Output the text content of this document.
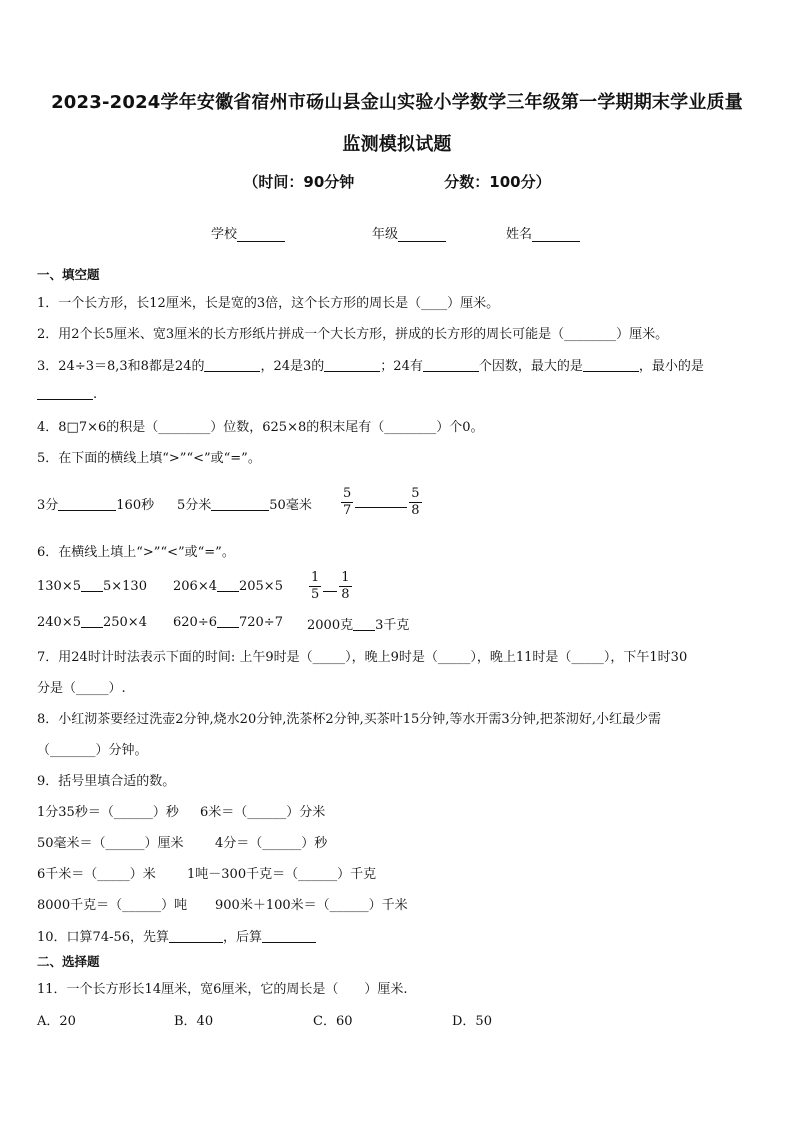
2023-2024学年安徽省宿州市砀山县金山实验小学数学三年级第一学期期末学业质量
监测模拟试题
（时间：90分钟	分数：100分）
学校	年级	姓名
一、填空题
1．一个长方形，长12厘米，长是宽的3倍，这个长方形的周长是（____）厘米。
2．用2个长5厘米、宽3厘米的长方形纸片拼成一个大长方形，拼成的长方形的周长可能是（________）厘米。
3．24÷3＝8,3和8都是24的	，24是3的	；24有	个因数，最大的是	，最小的是
.
4．8□7×6的积是（________）位数，625×8的积末尾有（________）个0。
5．在下面的横线上填“>”“<”或“=”。
3分	160秒 5分米	50毫米 $\frac{5}{7}$	$\frac{5}{8}$
6．在横线上填上“>”“<”或“=”。
130×5 5×130 206×4 $205\times 5 \frac{1}{5} \frac{1}{8}$
240×5 250×4 620÷6 720÷7 2000克 3千克
7．用24时计时法表示下面的时间: 上午9时是（_____），晚上9时是（_____），晚上11时是（_____），下午1时30
分是（_____）.
8．小红沏茶要经过洗壶2分钟,烧水20分钟,洗茶杯2分钟,买茶叶15分钟,等水开需3分钟,把茶沏好,小红最少需
（_______）分钟。
9．括号里填合适的数。
1分35秒＝（______）秒 6米＝（______）分米
50毫米＝（______）厘米 4分＝（______）秒
6千米＝（_____）米 1吨－300千克＝（______）千克
8000千克＝（______）吨 900米＋100米＝（______）千米
10．口算74-56，先算	，后算
二、选择题
11．一个长方形长14厘米，宽6厘米，它的周长是（　　）厘米.
A．20	B．40	C．60	D．50
